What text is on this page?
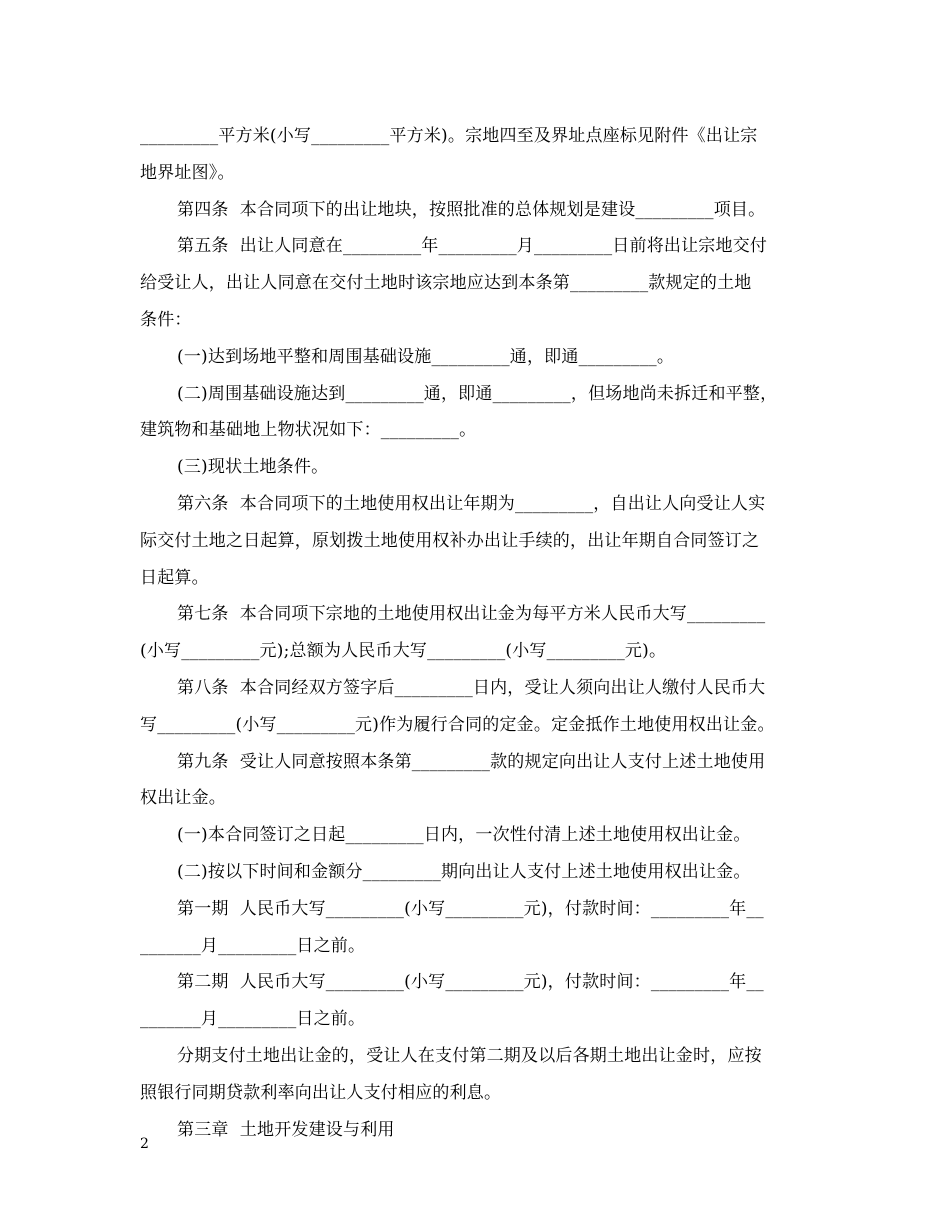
_________平方米(小写_________平方米)。宗地四至及界址点座标见附件《出让宗
地界址图》。
第四条  本合同项下的出让地块，按照批准的总体规划是建设_________项目。
第五条  出让人同意在_________年_________月_________日前将出让宗地交付
给受让人，出让人同意在交付土地时该宗地应达到本条第_________款规定的土地
条件：
(一)达到场地平整和周围基础设施_________通，即通_________。
(二)周围基础设施达到_________通，即通_________，但场地尚未拆迁和平整，
建筑物和基础地上物状况如下：_________。
(三)现状土地条件。
第六条  本合同项下的土地使用权出让年期为_________，自出让人向受让人实
际交付土地之日起算，原划拨土地使用权补办出让手续的，出让年期自合同签订之
日起算。
第七条  本合同项下宗地的土地使用权出让金为每平方米人民币大写_________
(小写_________元);总额为人民币大写_________(小写_________元)。
第八条  本合同经双方签字后_________日内，受让人须向出让人缴付人民币大
写_________(小写_________元)作为履行合同的定金。定金抵作土地使用权出让金。
第九条  受让人同意按照本条第_________款的规定向出让人支付上述土地使用
权出让金。
(一)本合同签订之日起_________日内，一次性付清上述土地使用权出让金。
(二)按以下时间和金额分_________期向出让人支付上述土地使用权出让金。
第一期  人民币大写_________(小写_________元)，付款时间：_________年__
_______月_________日之前。
第二期  人民币大写_________(小写_________元)，付款时间：_________年__
_______月_________日之前。
分期支付土地出让金的，受让人在支付第二期及以后各期土地出让金时，应按
照银行同期贷款利率向出让人支付相应的利息。
第三章  土地开发建设与利用
2
